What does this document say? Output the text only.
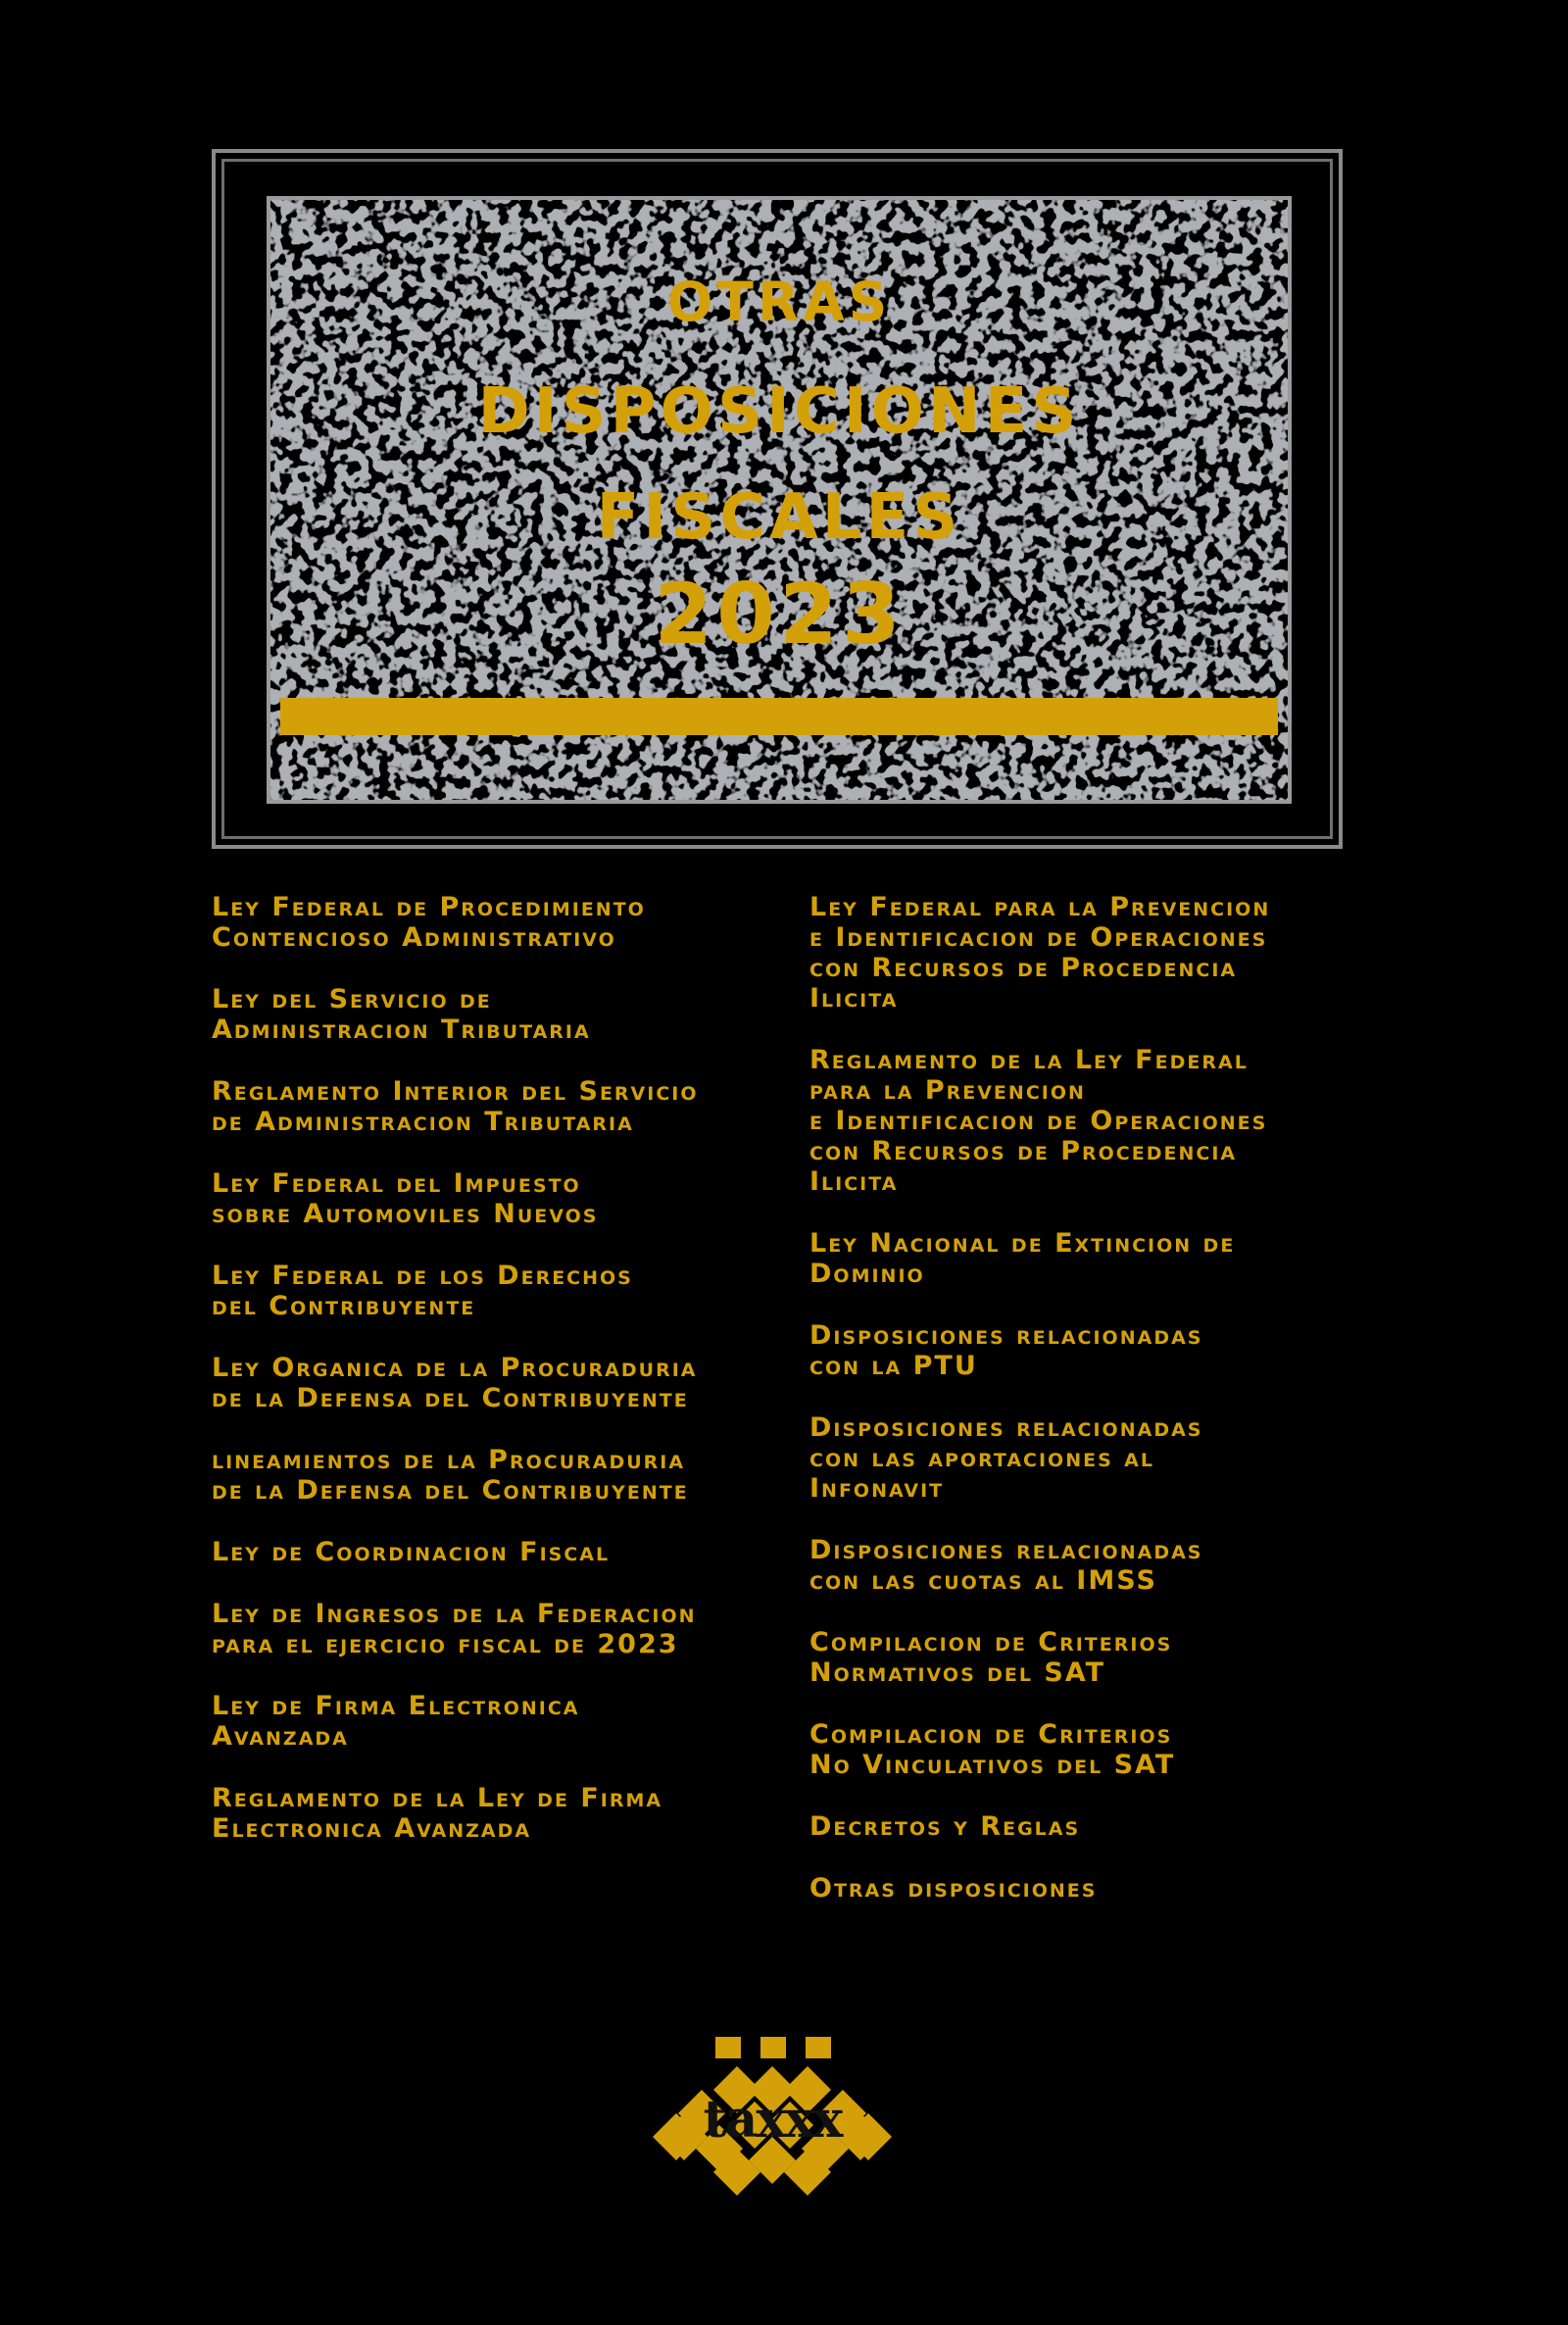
otras
disposiciones
fiscales
2023
Ley Federal de Procedimiento
Contencioso Administrativo
Ley del Servicio de
Administracion Tributaria
Reglamento Interior del Servicio
de Administracion Tributaria
Ley Federal del Impuesto
sobre Automoviles Nuevos
Ley Federal de los Derechos
del Contribuyente
Ley Organica de la Procuraduria
de la Defensa del Contribuyente
lineamientos de la Procuraduria
de la Defensa del Contribuyente
Ley de Coordinacion Fiscal
Ley de Ingresos de la Federacion
para el ejercicio fiscal de 2023
Ley de Firma Electronica
Avanzada
Reglamento de la Ley de Firma
Electronica Avanzada
Ley Federal para la Prevencion
e Identificacion de Operaciones
con Recursos de Procedencia
Ilicita
Reglamento de la Ley Federal
para la Prevencion
e Identificacion de Operaciones
con Recursos de Procedencia
Ilicita
Ley Nacional de Extincion de
Dominio
Disposiciones relacionadas
con la PTU
Disposiciones relacionadas
con las aportaciones al
Infonavit
Disposiciones relacionadas
con las cuotas al IMSS
Compilacion de Criterios
Normativos del SAT
Compilacion de Criterios
No Vinculativos del SAT
Decretos y Reglas
Otras disposiciones
taxxx
